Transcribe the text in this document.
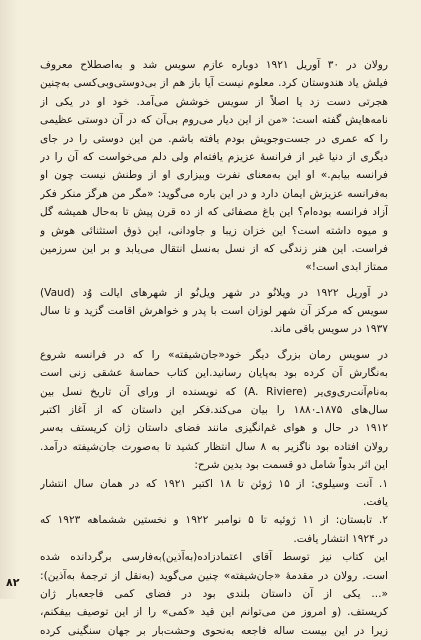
رولان در ۳۰ آوریل ۱۹۲۱ دوباره عازم سویس شد و به‌اصطلاح معروف
فیلش یاد هندوستان کرد. معلوم نیست آیا باز هم از بی‌دوستی‌وبی‌کسی به‌چنین
هجرتی دست زد یا اصلاً از سویس خوشش می‌آمد. خود او در یکی از
نامه‌هایش گفته است: «من از این دیار می‌روم بی‌آن که در آن دوستی عظیمی
را که عمری در جست‌وجویش بودم یافته باشم. من این دوستی را در جای
دیگری از دنیا غیر از فرانسهٔ عزیزم یافته‌ام ولی دلم می‌خواست که آن را در
فرانسه بیابم.» او این به‌معنای نفرت وبیزاری او از وطنش نیست چون او
به‌فرانسه عزیزش ایمان دارد و در این باره می‌گوید: «مگر من هرگز منکر فکر
آزاد فرانسه بوده‌ام؟ این باغ مصفائی که از ده قرن پیش تا به‌حال همیشه گل
و میوه داشته است؟ این خزان زیبا و جاودانی، این ذوق استثنائی هوش و
فراست. این هنر زندگی که از نسل به‌نسل انتقال می‌یابد و بر این سرزمین
ممتاز ابدی است!»
در آوریل ۱۹۲۲ در ویلانُو در شهر ویل‌نُو از شهرهای ایالت وُد (Vaud)
سویس که مرکز آن شهر لوزان است با پدر و خواهرش اقامت گزید و تا سال
۱۹۳۷ در سویس باقی ماند.
در سویس رمان بزرگ دیگر خود«جان‌شیفته» را که در فرانسه شروع
به‌نگارش آن کرده بود به‌پایان رسانید.این کتاب حماسهٔ عشقی زنی است
به‌نام‌آنت‌ری‌وی‌یر (A. Riviere) که نویسنده از ورای آن تاریخ نسل بین
سال‌های ۱۸۷۵ـ۱۸۸۰ را بیان می‌کند.فکر این داستان که از آغاز اکتبر
۱۹۱۲ در حال و هوای غم‌انگیزی مانند فضای داستان ژان کریستف به‌سر
رولان افتاده بود ناگزیر به‌ ۸ سال انتظار کشید تا به‌صورت جان‌شیفته درآمد.
این اثر بدواً شامل دو قسمت بود بدین شرح:
۱. آنت وسیلوی: از ۱۵ ژوئن تا ۱۸ اکتبر ۱۹۲۱ که در همان سال انتشار
یافت.
۲. تابستان: از ۱۱ ژوئیه تا ۵ نوامبر ۱۹۲۲ و نخستین ششماهه ۱۹۲۳ که
در ۱۹۲۴ انتشار یافت.
این کتاب نیز توسط آقای اعتمادزاده(به‌آذین)به‌فارسی برگردانده شده
است. رولان در مقدمهٔ «جان‌شیفته» چنین می‌گوید (به‌نقل از ترجمهٔ به‌آذین):
«... یکی از آن داستان بلندی بود در فضای کمی فاجعه‌بار ژان
کریستف. (و امروز من می‌توانم این قید «کمی» را از این توصیف بیفکنم،
زیرا در این بیست ساله فاجعه به‌نحوی وحشت‌بار بر جهان سنگینی کرده
۸۲
